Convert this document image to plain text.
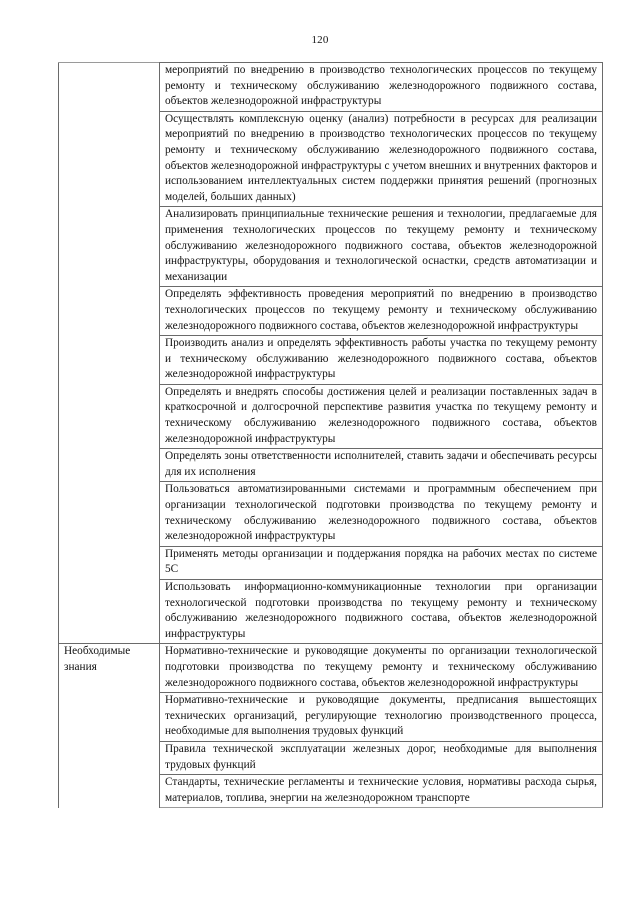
120
	мероприятий по внедрению в производство технологических процессов по текущему ремонту и техническому обслуживанию железнодорожного подвижного состава, объектов железнодорожной инфраструктуры
	Осуществлять комплексную оценку (анализ) потребности в ресурсах для реализации мероприятий по внедрению в производство технологических процессов по текущему ремонту и техническому обслуживанию железнодорожного подвижного состава, объектов железнодорожной инфраструктуры с учетом внешних и внутренних факторов и использованием интеллектуальных систем поддержки принятия решений (прогнозных моделей, больших данных)
	Анализировать принципиальные технические решения и технологии, предлагаемые для применения технологических процессов по текущему ремонту и техническому обслуживанию железнодорожного подвижного состава, объектов железнодорожной инфраструктуры, оборудования и технологической оснастки, средств автоматизации и механизации
	Определять эффективность проведения мероприятий по внедрению в производство технологических процессов по текущему ремонту и техническому обслуживанию железнодорожного подвижного состава, объектов железнодорожной инфраструктуры
	Производить анализ и определять эффективность работы участка по текущему ремонту и техническому обслуживанию железнодорожного подвижного состава, объектов железнодорожной инфраструктуры
	Определять и внедрять способы достижения целей и реализации поставленных задач в краткосрочной и долгосрочной перспективе развития участка по текущему ремонту и техническому обслуживанию железнодорожного подвижного состава, объектов железнодорожной инфраструктуры
	Определять зоны ответственности исполнителей, ставить задачи и обеспечивать ресурсы для их исполнения
	Пользоваться автоматизированными системами и программным обеспечением при организации технологической подготовки производства по текущему ремонту и техническому обслуживанию железнодорожного подвижного состава, объектов железнодорожной инфраструктуры
	Применять методы организации и поддержания порядка на рабочих местах по системе 5С
	Использовать информационно-коммуникационные технологии при организации технологической подготовки производства по текущему ремонту и техническому обслуживанию железнодорожного подвижного состава, объектов железнодорожной инфраструктуры
Необходимые знания	Нормативно-технические и руководящие документы по организации технологической подготовки производства по текущему ремонту и техническому обслуживанию железнодорожного подвижного состава, объектов железнодорожной инфраструктуры
	Нормативно-технические и руководящие документы, предписания вышестоящих технических организаций, регулирующие технологию производственного процесса, необходимые для выполнения трудовых функций
	Правила технической эксплуатации железных дорог, необходимые для выполнения трудовых функций
	Стандарты, технические регламенты и технические условия, нормативы расхода сырья, материалов, топлива, энергии на железнодорожном транспорте
